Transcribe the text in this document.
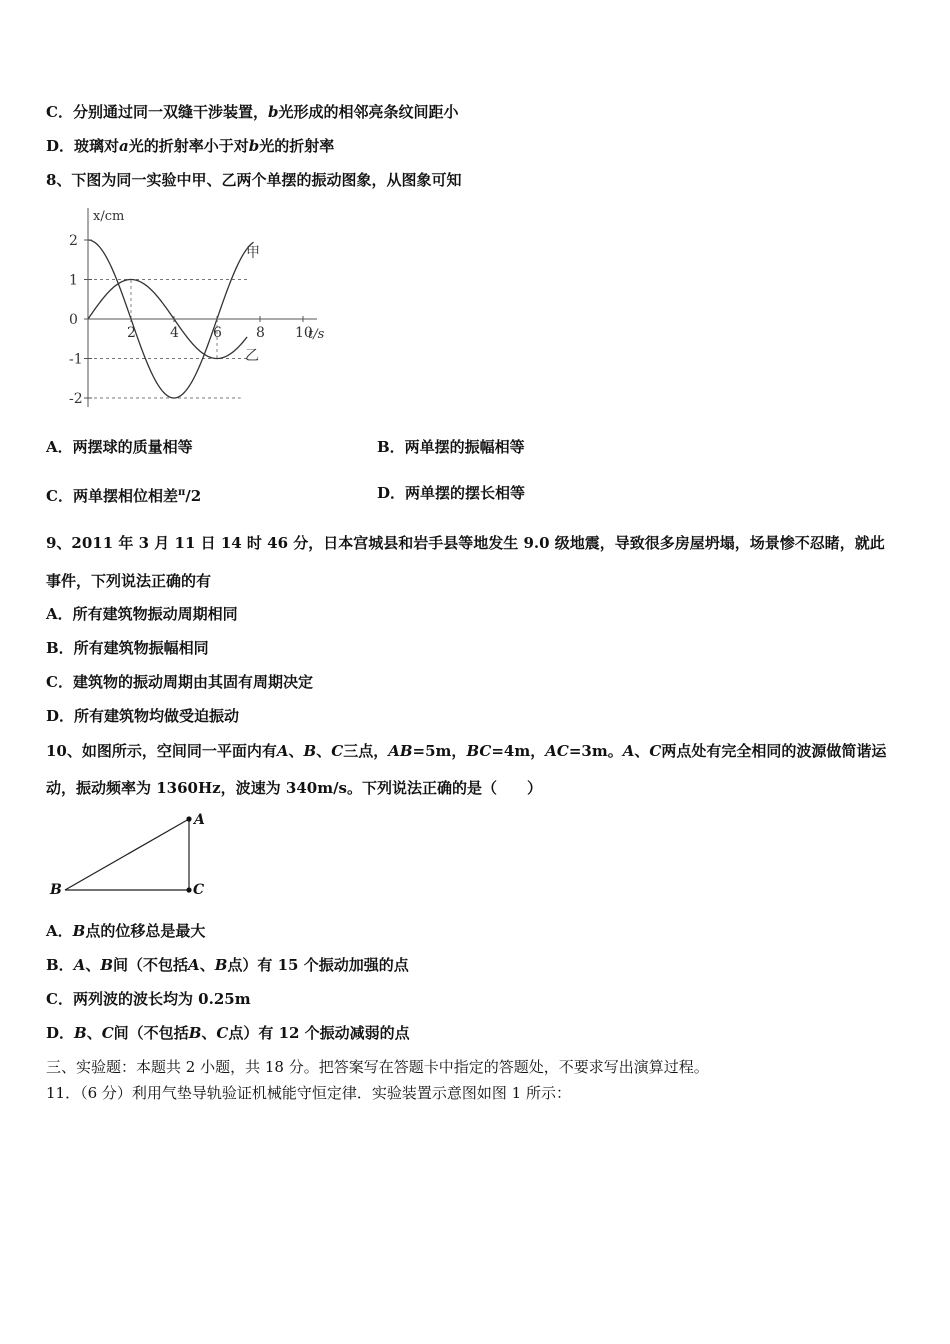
C．分别通过同一双缝干涉装置，b光形成的相邻亮条纹间距小
D．玻璃对a光的折射率小于对b光的折射率
8、下图为同一实验中甲、乙两个单摆的振动图象，从图象可知
2
1
0
-1
-2
2 4 6 8 10
x/cm
t/s
甲
乙
A．两摆球的质量相等	B．两单摆的振幅相等
C．两单摆相位相差$^\pi$/2	D．两单摆的摆长相等
9、2011 年 3 月 11 日 14 时 46 分，日本宫城县和岩手县等地发生 9.0 级地震，导致很多房屋坍塌，场景惨不忍睹，就此
事件，下列说法正确的有
A．所有建筑物振动周期相同
B．所有建筑物振幅相同
C．建筑物的振动周期由其固有周期决定
D．所有建筑物均做受迫振动
10、如图所示，空间同一平面内有A、B、C三点，AB=5m，BC=4m，AC=3m。A、C两点处有完全相同的波源做简谐运
动，振动频率为 1360Hz，波速为 340m/s。下列说法正确的是（　　）
A
B	C
A．B点的位移总是最大
B．A、B间（不包括A、B点）有 15 个振动加强的点
C．两列波的波长均为 0.25m
D．B、C间（不包括B、C点）有 12 个振动减弱的点
三、实验题：本题共 2 小题，共 18 分。把答案写在答题卡中指定的答题处，不要求写出演算过程。
11．（6 分）利用气垫导轨验证机械能守恒定律．实验装置示意图如图 1 所示：
